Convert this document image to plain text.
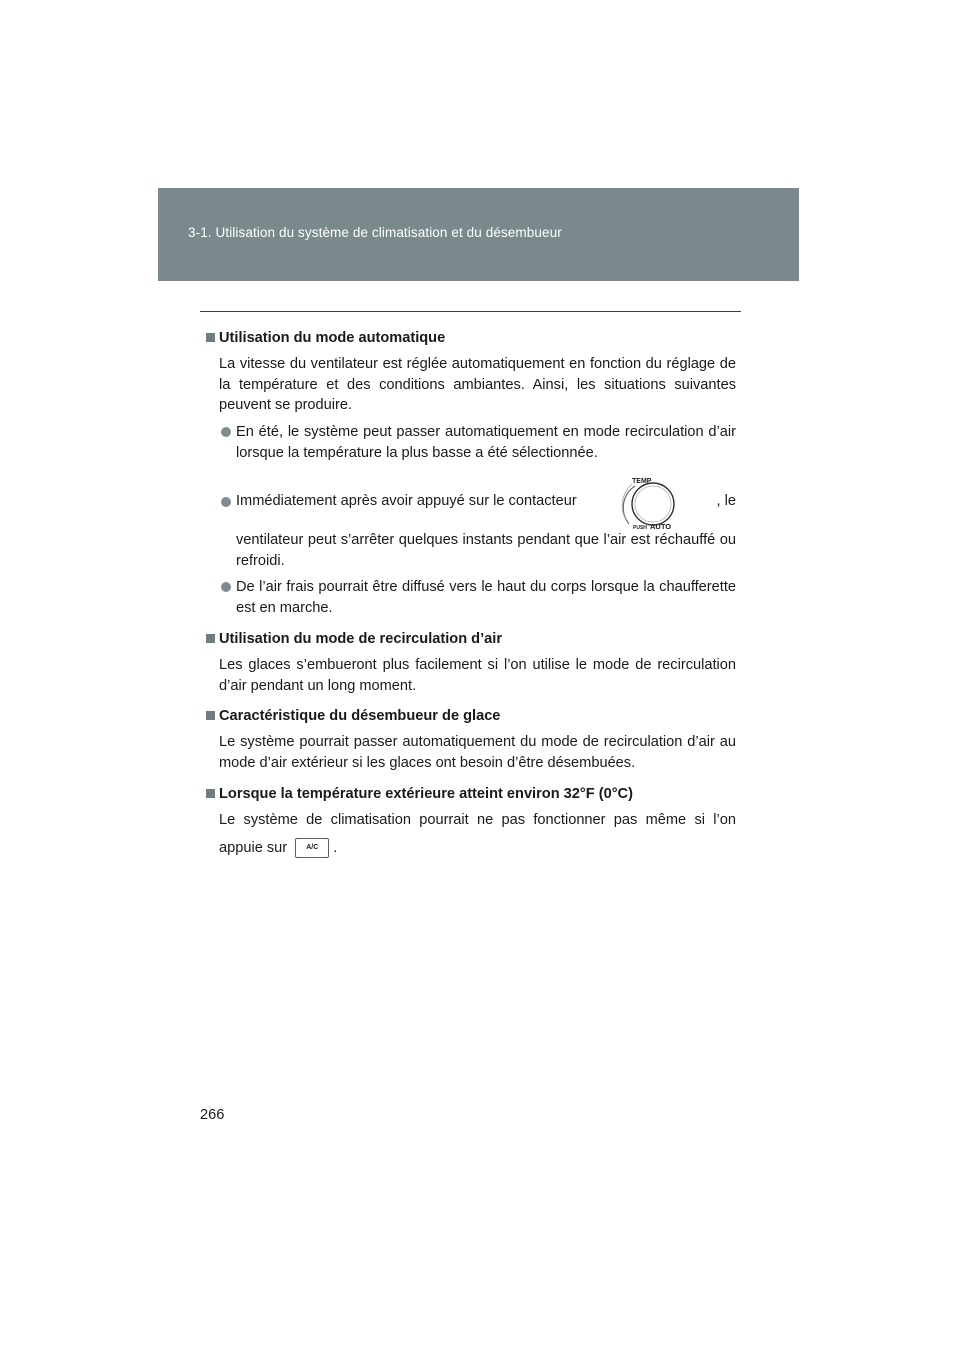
3-1. Utilisation du système de climatisation et du désembueur
Utilisation du mode automatique

La vitesse du ventilateur est réglée automatiquement en fonction du réglage de la température et des conditions ambiantes. Ainsi, les situations suivantes peuvent se produire.

En été, le système peut passer automatiquement en mode recirculation d’air lorsque la température la plus basse a été sélectionnée.
Immédiatement après avoir appuyé sur le contacteur
TEMP
PUSH AUTO
, le
ventilateur peut s’arrêter quelques instants pendant que l’air est réchauffé ou refroidi.
De l’air frais pourrait être diffusé vers le haut du corps lorsque la chaufferette est en marche.
Utilisation du mode de recirculation d’air

Les glaces s’embueront plus facilement si l’on utilise le mode de recirculation d’air pendant un long moment.

Caractéristique du désembueur de glace

Le système pourrait passer automatiquement du mode de recirculation d’air au mode d’air extérieur si les glaces ont besoin d’être désembuées.

Lorsque la température extérieure atteint environ 32°F (0°C)

Le système de climatisation pourrait ne pas fonctionner pas même si l’on

appuie sur	A/C .

266
